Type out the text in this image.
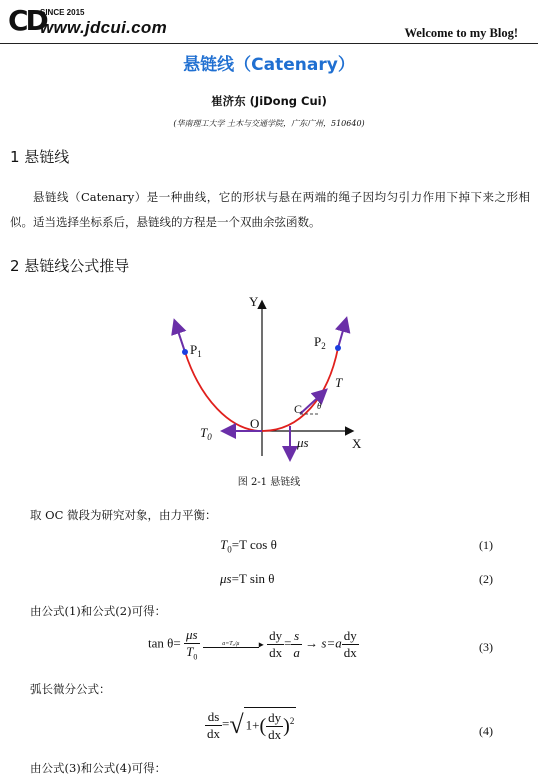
CD
SINCE 2015
www.jdcui.com	Welcome to my Blog!
悬链线（Catenary）
崔济东 (JiDong Cui)
(华南理工大学 土木与交通学院，广东广州，510640)
1 悬链线
悬链线（Catenary）是一种曲线，它的形状与悬在两端的绳子因均匀引力作用下掉下来之形相似。适当选择坐标系后，悬链线的方程是一个双曲余弦函数。
2 悬链线公式推导
Y
X
O
$P_1$
$P_2$
T
C θ
$T_0$	μs
图 2-1 悬链线
取 OC 微段为研究对象，由力平衡：
$T_0=T$ cos θ	(1)
μs=T sin θ	(2)
由公式(1)和公式(2)可得：
$\tan \theta= \frac{\mu s}{T_0}$
	a=T₀/μ	▸ $\frac{dy}{dx} = \frac{s}{a} \to s=a \frac{dy}{dx}$	(3)
弧长微分公式：
$\frac{ds}{dx}$ =√ $1+( \frac{dy}{dx} )^2$
(4)
由公式(3)和公式(4)可得：
